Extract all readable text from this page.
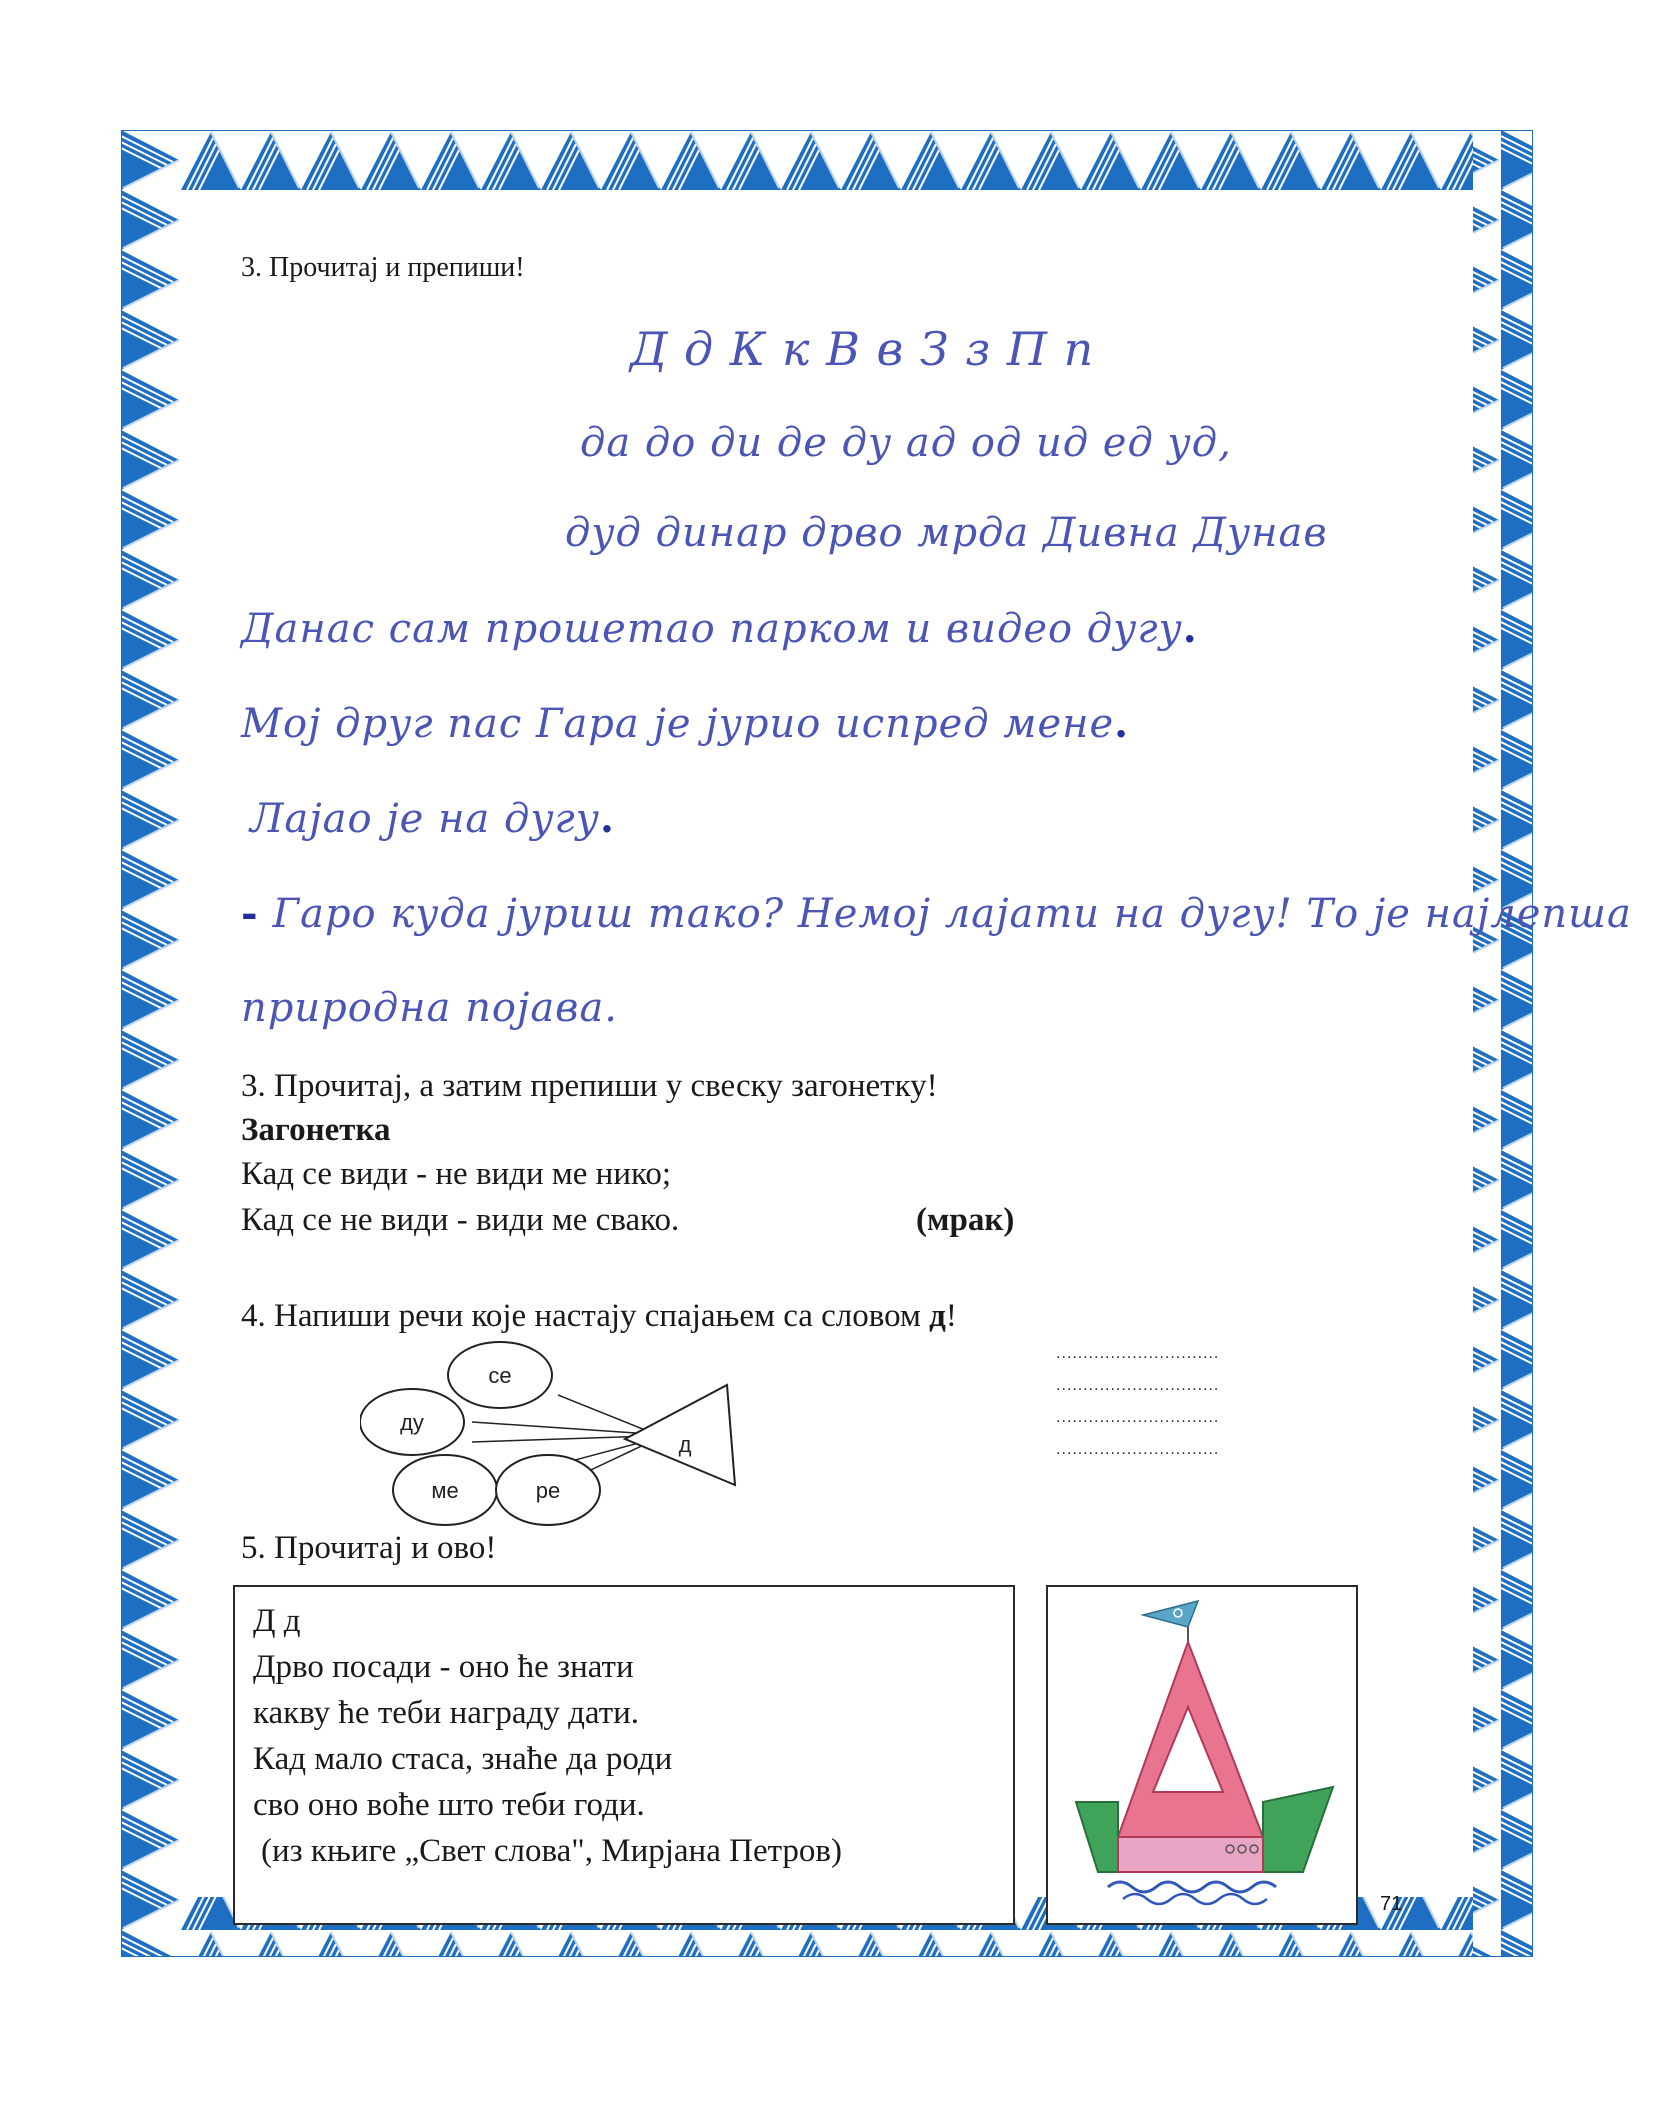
3. Прочитај и препиши!
Д д К к В в З з П п
да до ди де ду ад од ид ед уд,
дуд динар дрво мрда Дивна Дунав
Данас сам прошетао парком и видео дугу.
Мој друг пас Гара је јурио испред мене.
Лајао је на дугу.
- Гаро куда јуриш тако? Немој лајати на дугу! То је најлепша
природна појава.
3. Прочитај, а затим препиши у свеску загонетку!
Загонетка
Кад се види - не види ме нико;
Кад се не види - види ме свако.	(мрак)
4. Напиши речи које настају спајањем са словом д!
д
се
ду
ме	ре
..............................
..............................
..............................
..............................
5. Прочитај и ово!
Д д
Дрво посади - оно ће знати
какву ће теби награду дати.
Кад мало стаса, знаће да роди
сво оно воће што теби годи.
(из књиге „Свет слова", Мирјана Петров)
71
